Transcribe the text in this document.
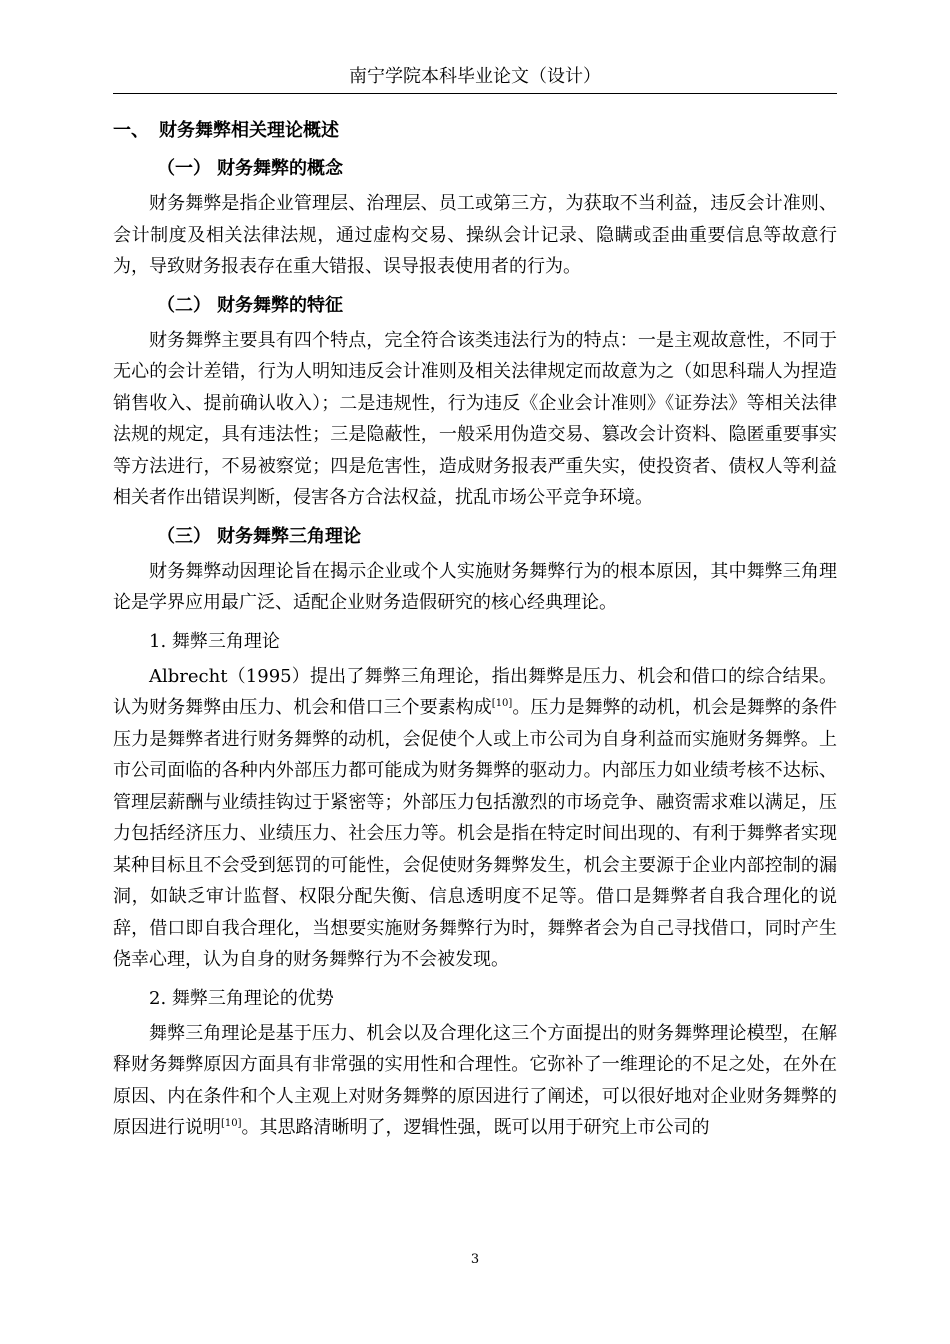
南宁学院本科毕业论文（设计）

一、 财务舞弊相关理论概述

（一） 财务舞弊的概念

财务舞弊是指企业管理层、治理层、员工或第三方，为获取不当利益，违反会计准则、会计制度及相关法律法规，通过虚构交易、操纵会计记录、隐瞒或歪曲重要信息等故意行为，导致财务报表存在重大错报、误导报表使用者的行为。

（二） 财务舞弊的特征

财务舞弊主要具有四个特点，完全符合该类违法行为的特点：一是主观故意性，不同于无心的会计差错，行为人明知违反会计准则及相关法律规定而故意为之（如思科瑞人为捏造销售收入、提前确认收入）；二是违规性，行为违反《企业会计准则》《证券法》等相关法律法规的规定，具有违法性；三是隐蔽性，一般采用伪造交易、篡改会计资料、隐匿重要事实等方法进行，不易被察觉；四是危害性，造成财务报表严重失实，使投资者、债权人等利益相关者作出错误判断，侵害各方合法权益，扰乱市场公平竞争环境。

（三） 财务舞弊三角理论

财务舞弊动因理论旨在揭示企业或个人实施财务舞弊行为的根本原因，其中舞弊三角理论是学界应用最广泛、适配企业财务造假研究的核心经典理论。

1. 舞弊三角理论

Albrecht（1995）提出了舞弊三角理论，指出舞弊是压力、机会和借口的综合结果。认为财务舞弊由压力、机会和借口三个要素构成[10]。压力是舞弊的动机，机会是舞弊的条件压力是舞弊者进行财务舞弊的动机，会促使个人或上市公司为自身利益而实施财务舞弊。上市公司面临的各种内外部压力都可能成为财务舞弊的驱动力。内部压力如业绩考核不达标、管理层薪酬与业绩挂钩过于紧密等；外部压力包括激烈的市场竞争、融资需求难以满足，压力包括经济压力、业绩压力、社会压力等。机会是指在特定时间出现的、有利于舞弊者实现某种目标且不会受到惩罚的可能性，会促使财务舞弊发生，机会主要源于企业内部控制的漏洞，如缺乏审计监督、权限分配失衡、信息透明度不足等。借口是舞弊者自我合理化的说辞，借口即自我合理化，当想要实施财务舞弊行为时，舞弊者会为自己寻找借口，同时产生侥幸心理，认为自身的财务舞弊行为不会被发现。

2. 舞弊三角理论的优势

舞弊三角理论是基于压力、机会以及合理化这三个方面提出的财务舞弊理论模型，在解释财务舞弊原因方面具有非常强的实用性和合理性。它弥补了一维理论的不足之处，在外在原因、内在条件和个人主观上对财务舞弊的原因进行了阐述，可以很好地对企业财务舞弊的原因进行说明[10]。其思路清晰明了，逻辑性强，既可以用于研究上市公司的

3
